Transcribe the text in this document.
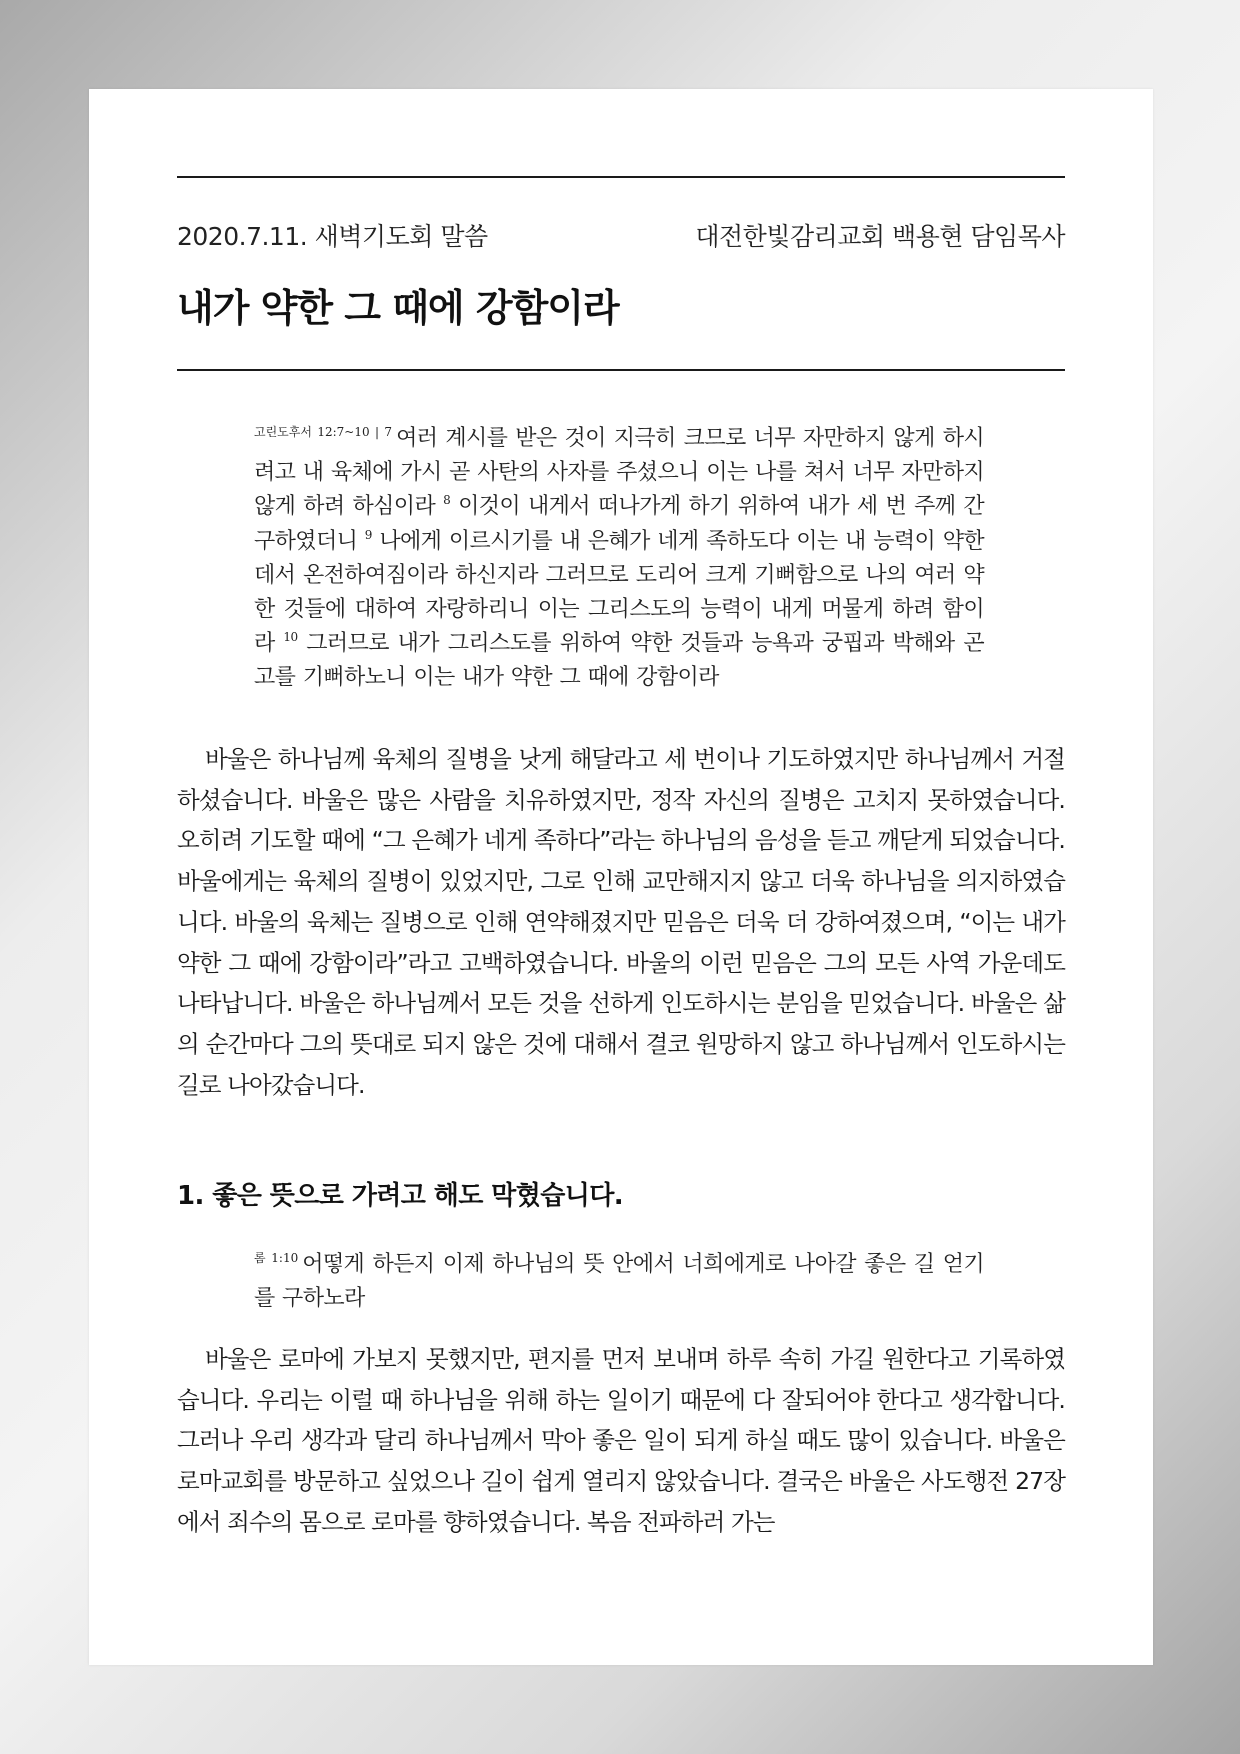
2020.7.11. 새벽기도회 말씀	대전한빛감리교회 백용현 담임목사
내가 약한 그 때에 강함이라
$^{고린도후서 12:7\sim 10 | 7}$ 여러 계시를 받은 것이 지극히 크므로 너무 자만하지 않게 하시려고 내 육체에 가시 곧 사탄의 사자를 주셨으니 이는 나를 쳐서 너무 자만하지 않게 하려 하심이라 $^8$ 이것이 내게서 떠나가게 하기 위하여 내가 세 번 주께 간구하였더니 $^9$ 나에게 이르시기를 내 은혜가 네게 족하도다 이는 내 능력이 약한 데서 온전하여짐이라 하신지라 그러므로 도리어 크게 기뻐함으로 나의 여러 약한 것들에 대하여 자랑하리니 이는 그리스도의 능력이 내게 머물게 하려 함이라 $^{10}$ 그러므로 내가 그리스도를 위하여 약한 것들과 능욕과 궁핍과 박해와 곤고를 기뻐하노니 이는 내가 약한 그 때에 강함이라

바울은 하나님께 육체의 질병을 낫게 해달라고 세 번이나 기도하였지만 하나님께서 거절하셨습니다. 바울은 많은 사람을 치유하였지만, 정작 자신의 질병은 고치지 못하였습니다. 오히려 기도할 때에 “그 은혜가 네게 족하다”라는 하나님의 음성을 듣고 깨닫게 되었습니다. 바울에게는 육체의 질병이 있었지만, 그로 인해 교만해지지 않고 더욱 하나님을 의지하였습니다. 바울의 육체는 질병으로 인해 연약해졌지만 믿음은 더욱 더 강하여졌으며, “이는 내가 약한 그 때에 강함이라”라고 고백하였습니다. 바울의 이런 믿음은 그의 모든 사역 가운데도 나타납니다. 바울은 하나님께서 모든 것을 선하게 인도하시는 분임을 믿었습니다. 바울은 삶의 순간마다 그의 뜻대로 되지 않은 것에 대해서 결코 원망하지 않고 하나님께서 인도하시는 길로 나아갔습니다.

1. 좋은 뜻으로 가려고 해도 막혔습니다.
$^{롬 1:10}$ 어떻게 하든지 이제 하나님의 뜻 안에서 너희에게로 나아갈 좋은 길 얻기를 구하노라

바울은 로마에 가보지 못했지만, 편지를 먼저 보내며 하루 속히 가길 원한다고 기록하였습니다. 우리는 이럴 때 하나님을 위해 하는 일이기 때문에 다 잘되어야 한다고 생각합니다. 그러나 우리 생각과 달리 하나님께서 막아 좋은 일이 되게 하실 때도 많이 있습니다. 바울은 로마교회를 방문하고 싶었으나 길이 쉽게 열리지 않았습니다. 결국은 바울은 사도행전 27장에서 죄수의 몸으로 로마를 향하였습니다. 복음 전파하러 가는
